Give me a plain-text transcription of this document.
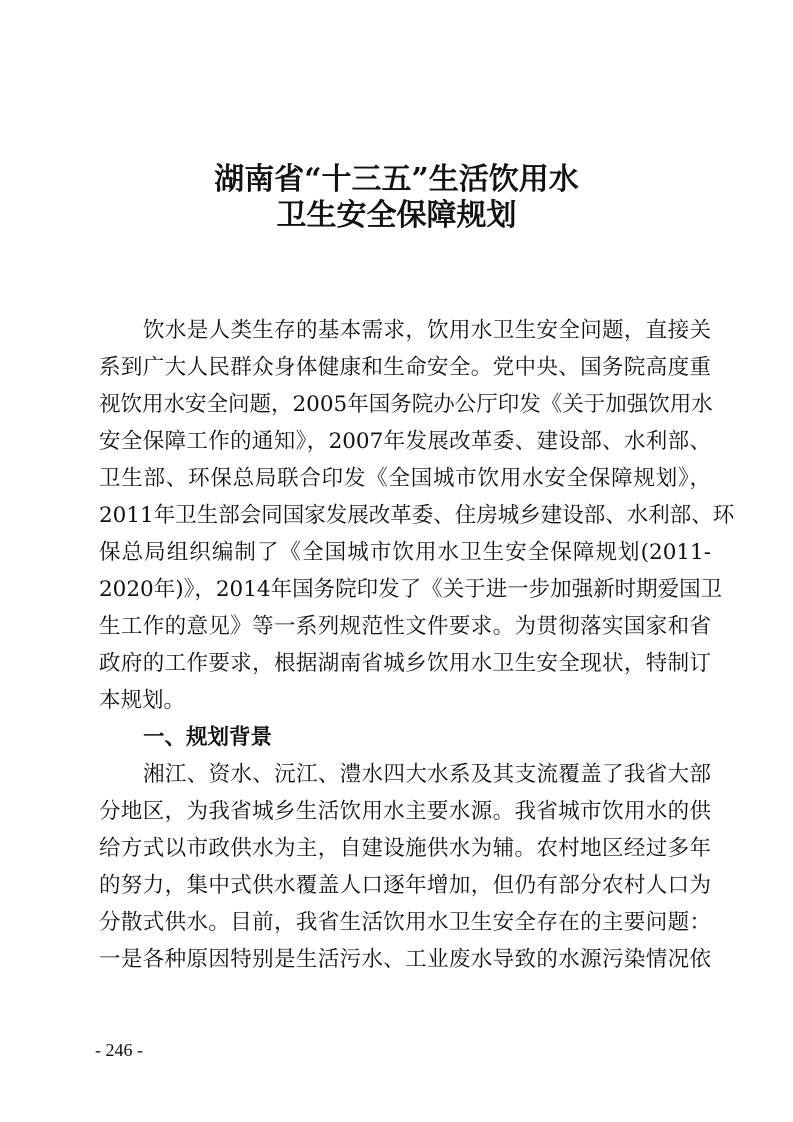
湖南省“十三五”生活饮用水
卫生安全保障规划
饮水是人类生存的基本需求，饮用水卫生安全问题，直接关
系到广大人民群众身体健康和生命安全。党中央、国务院高度重
视饮用水安全问题，2005年国务院办公厅印发《关于加强饮用水
安全保障工作的通知》，2007年发展改革委、建设部、水利部、
卫生部、环保总局联合印发《全国城市饮用水安全保障规划》，
2011年卫生部会同国家发展改革委、住房城乡建设部、水利部、环
保总局组织编制了《全国城市饮用水卫生安全保障规划(2011-
2020年)》，2014年国务院印发了《关于进一步加强新时期爱国卫
生工作的意见》等一系列规范性文件要求。为贯彻落实国家和省
政府的工作要求，根据湖南省城乡饮用水卫生安全现状，特制订
本规划。
一、规划背景
湘江、资水、沅江、澧水四大水系及其支流覆盖了我省大部
分地区，为我省城乡生活饮用水主要水源。我省城市饮用水的供
给方式以市政供水为主，自建设施供水为辅。农村地区经过多年
的努力，集中式供水覆盖人口逐年增加，但仍有部分农村人口为
分散式供水。目前，我省生活饮用水卫生安全存在的主要问题：
一是各种原因特别是生活污水、工业废水导致的水源污染情况依
- 246 -
